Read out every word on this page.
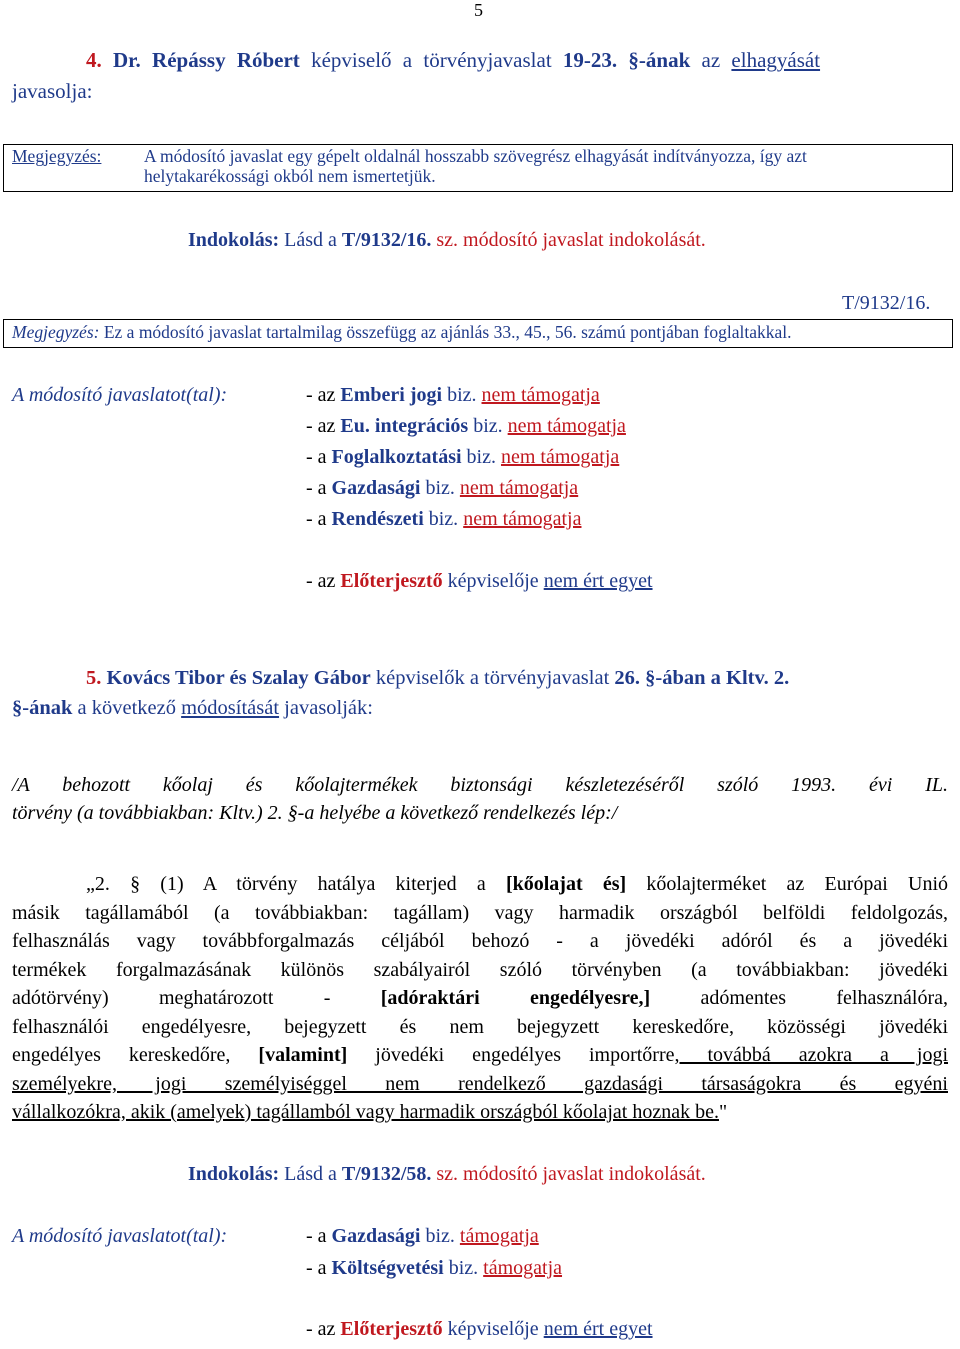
5
4. Dr. Répássy Róbert képviselő a törvényjavaslat 19-23. §-ának az elhagyását
javasolja:
Megjegyzés: A módosító javaslat egy gépelt oldalnál hosszabb szövegrész elhagyását indítványozza, így azt
helytakarékossági okból nem ismertetjük.
Indokolás: Lásd a T/9132/16. sz. módosító javaslat indokolását.
T/9132/16.
Megjegyzés: Ez a módosító javaslat tartalmilag összefügg az ajánlás 33., 45., 56. számú pontjában foglaltakkal.
A módosító javaslatot(tal):	- az Emberi jogi biz. nem támogatja
- az Eu. integrációs biz. nem támogatja
- a Foglalkoztatási biz. nem támogatja
- a Gazdasági biz. nem támogatja
- a Rendészeti biz. nem támogatja
- az Előterjesztő képviselője nem ért egyet
5. Kovács Tibor és Szalay Gábor képviselők a törvényjavaslat 26. §-ában a Kltv. 2.
§-ának a következő módosítását javasolják:
/A behozott kőolaj és kőolajtermékek biztonsági készletezéséről szóló 1993. évi IL.
törvény (a továbbiakban: Kltv.) 2. §-a helyébe a következő rendelkezés lép:/
„2. § (1) A törvény hatálya kiterjed a [kőolajat és] kőolajterméket az Európai Unió
másik tagállamából (a továbbiakban: tagállam) vagy harmadik országból belföldi feldolgozás,
felhasználás vagy továbbforgalmazás céljából behozó - a jövedéki adóról és a jövedéki
termékek forgalmazásának különös szabályairól szóló törvényben (a továbbiakban: jövedéki
adótörvény) meghatározott -	[adóraktári engedélyesre,]	adómentes felhasználóra,
felhasználói engedélyesre, bejegyzett és nem bejegyzett kereskedőre, közösségi jövedéki
engedélyes kereskedőre, [valamint] jövedéki engedélyes importőrre, továbbá azokra a jogi
személyekre, jogi személyiséggel nem rendelkező gazdasági társaságokra és egyéni
vállalkozókra, akik (amelyek) tagállamból vagy harmadik országból kőolajat hoznak be."
Indokolás: Lásd a T/9132/58. sz. módosító javaslat indokolását.
A módosító javaslatot(tal):	- a Gazdasági biz. támogatja
- a Költségvetési biz. támogatja
- az Előterjesztő képviselője nem ért egyet
